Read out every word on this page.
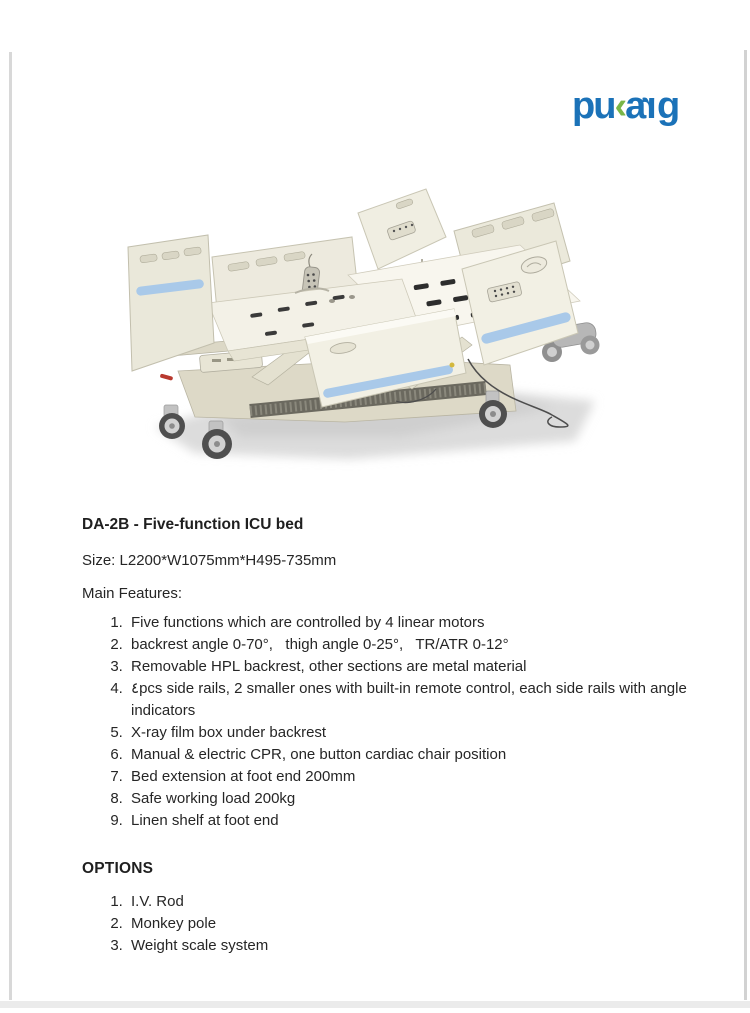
pu‹arg
DA-2B - Five-function ICU bed

Size: L2200*W1075mm*H495-735mm

Main Features:

1. Five functions which are controlled by 4 linear motors
2. backrest angle 0-70°,   thigh angle 0-25°,   TR/ATR 0-12°
3. Removable HPL backrest, other sections are metal material
4. ٤pcs side rails, 2 smaller ones with built-in remote control, each side rails with angle indicators
5. X-ray film box under backrest
6. Manual & electric CPR, one button cardiac chair position
7. Bed extension at foot end 200mm
8. Safe working load 200kg
9. Linen shelf at foot end
OPTIONS
1. I.V. Rod
2. Monkey pole
3. Weight scale system
